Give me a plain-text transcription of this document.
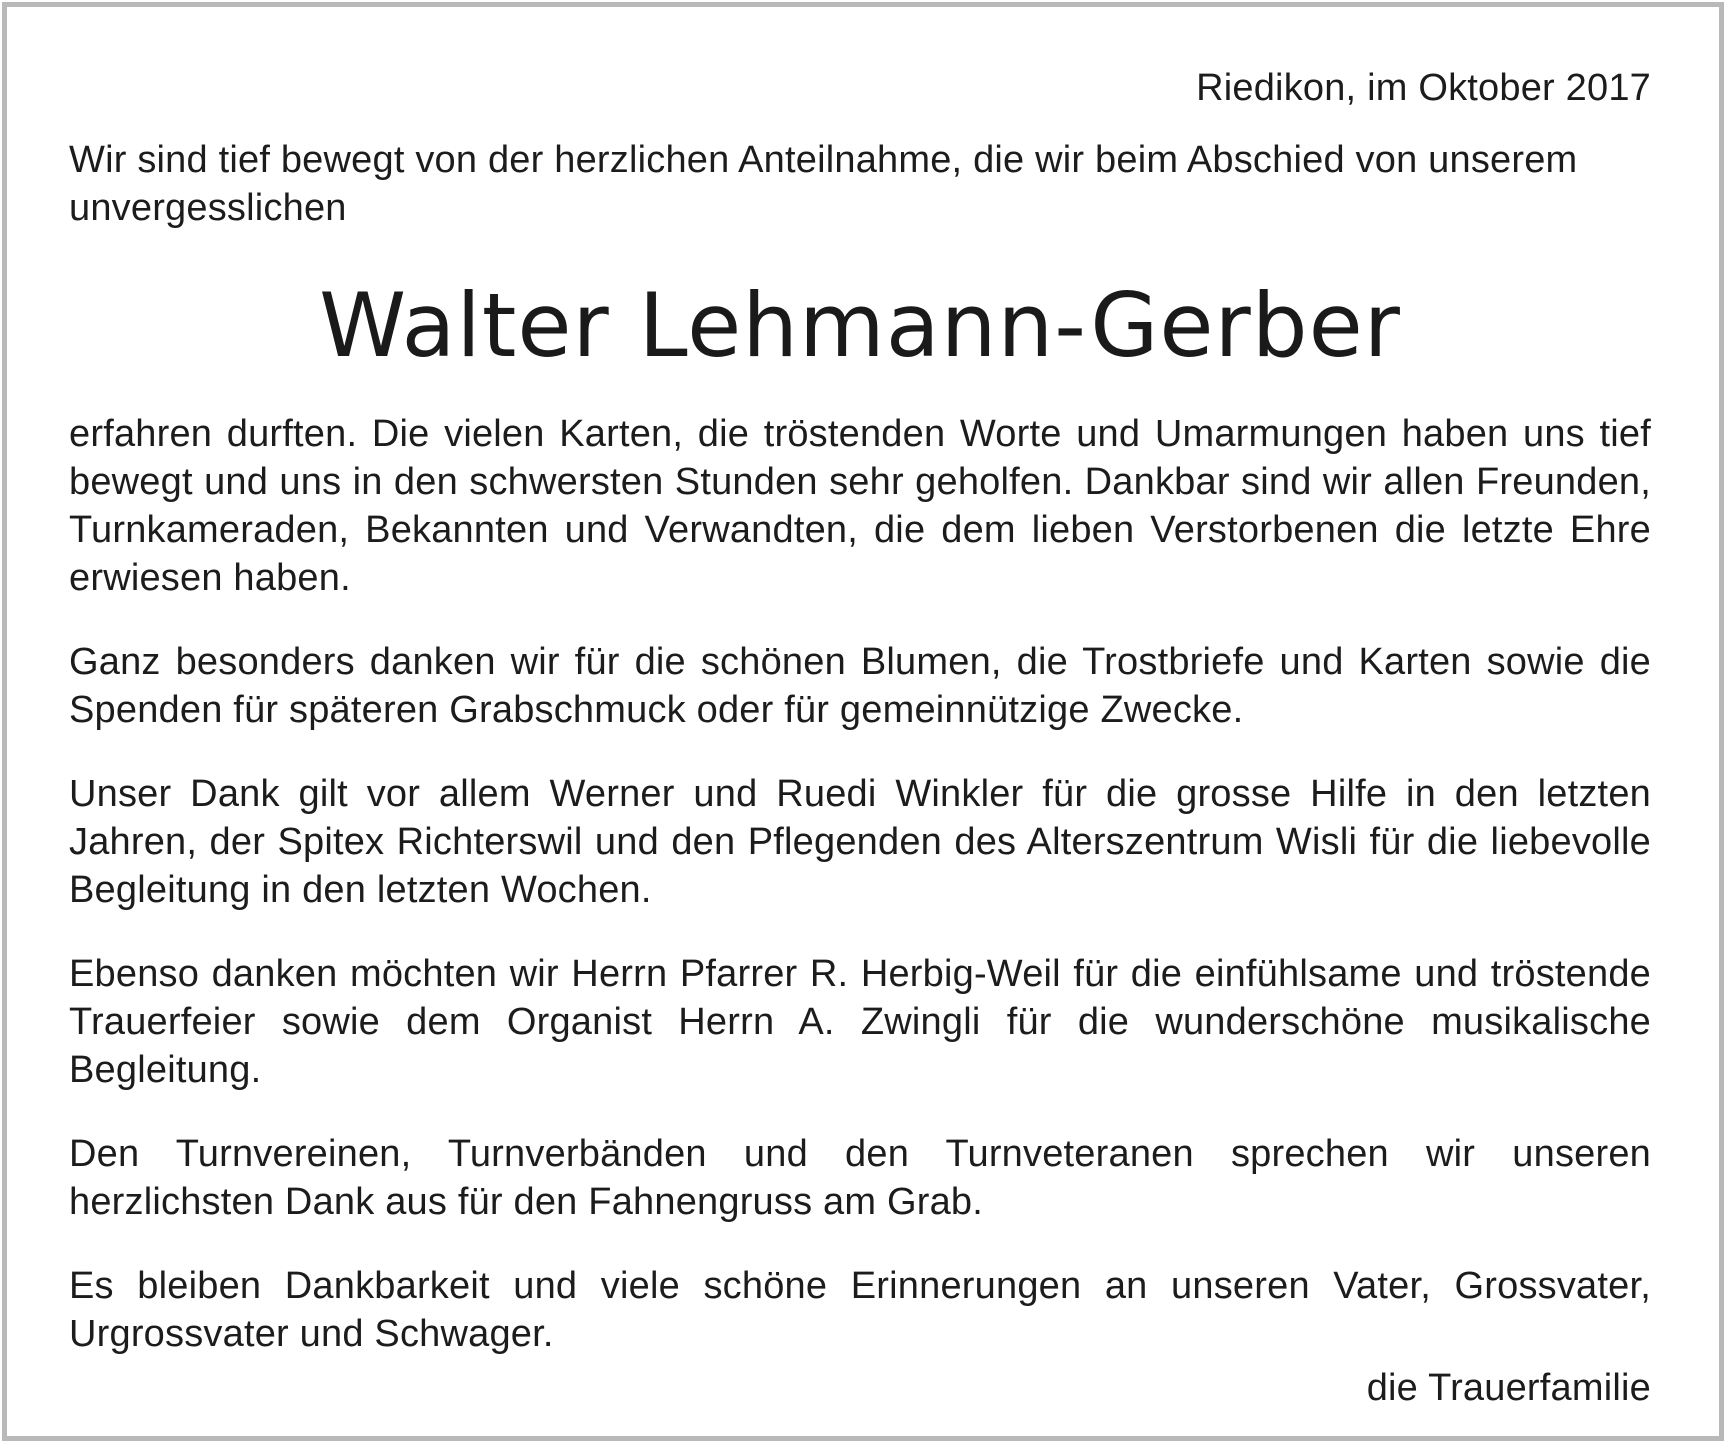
Riedikon, im Oktober 2017

Wir sind tief bewegt von der herzlichen Anteilnahme, die wir beim Abschied von unserem unvergesslichen

Walter Lehmann-Gerber

erfahren durften. Die vielen Karten, die tröstenden Worte und Umarmungen haben uns tief bewegt und uns in den schwersten Stunden sehr geholfen. Dankbar sind wir allen Freunden, Turnkameraden, Bekannten und Verwandten, die dem lieben Verstorbenen die letzte Ehre erwiesen haben.

Ganz besonders danken wir für die schönen Blumen, die Trostbriefe und Karten sowie die Spenden für späteren Grabschmuck oder für gemeinnützige Zwecke.

Unser Dank gilt vor allem Werner und Ruedi Winkler für die grosse Hilfe in den letzten Jahren, der Spitex Richterswil und den Pflegenden des Alterszentrum Wisli für die liebevolle Begleitung in den letzten Wochen.

Ebenso danken möchten wir Herrn Pfarrer R. Herbig-Weil für die einfühlsame und tröstende Trauerfeier sowie dem Organist Herrn A. Zwingli für die wunderschöne musikalische Begleitung.

Den Turnvereinen, Turnverbänden und den Turnveteranen sprechen wir unseren herzlichsten Dank aus für den Fahnengruss am Grab.

Es bleiben Dankbarkeit und viele schöne Erinnerungen an unseren Vater, Grossvater, Urgrossvater und Schwager.

die Trauerfamilie
